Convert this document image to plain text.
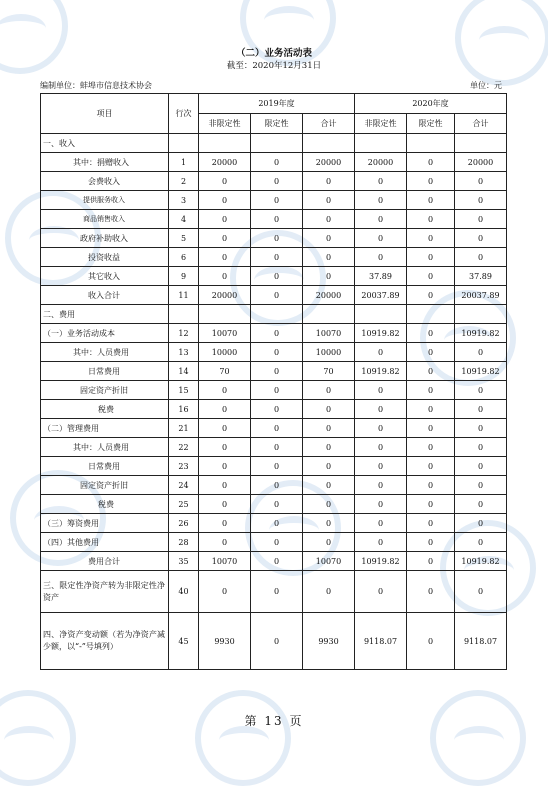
（二）业务活动表
截至：2020年12月31日
编制单位：蚌埠市信息技术协会	单位：元
项目	行次	2019年度			2020年度		
		非限定性	限定性	合计	非限定性	限定性	合计
一、收入							
其中：捐赠收入	1	20000	0	20000	20000	0	20000
会费收入	2	0	0	0	0	0	0
提供服务收入	3	0	0	0	0	0	0
商品销售收入	4	0	0	0	0	0	0
政府补助收入	5	0	0	0	0	0	0
投资收益	6	0	0	0	0	0	0
其它收入	9	0	0	0	37.89	0	37.89
收入合计	11	20000	0	20000	20037.89	0	20037.89
二、费用							
（一）业务活动成本	12	10070	0	10070	10919.82	0	10919.82
其中：人员费用	13	10000	0	10000	0	0	0
日常费用	14	70	0	70	10919.82	0	10919.82
固定资产折旧	15	0	0	0	0	0	0
税费	16	0	0	0	0	0	0
（二）管理费用	21	0	0	0	0	0	0
其中：人员费用	22	0	0	0	0	0	0
日常费用	23	0	0	0	0	0	0
固定资产折旧	24	0	0	0	0	0	0
税费	25	0	0	0	0	0	0
（三）筹资费用	26	0	0	0	0	0	0
（四）其他费用	28	0	0	0	0	0	0
费用合计	35	10070	0	10070	10919.82	0	10919.82
三、限定性净资产转为非限定性净资产	40	0	0	0	0	0	0
四、净资产变动额（若为净资产减少额，以“-”号填列）	45	9930	0	9930	9118.07	0	9118.07
第 13 页
